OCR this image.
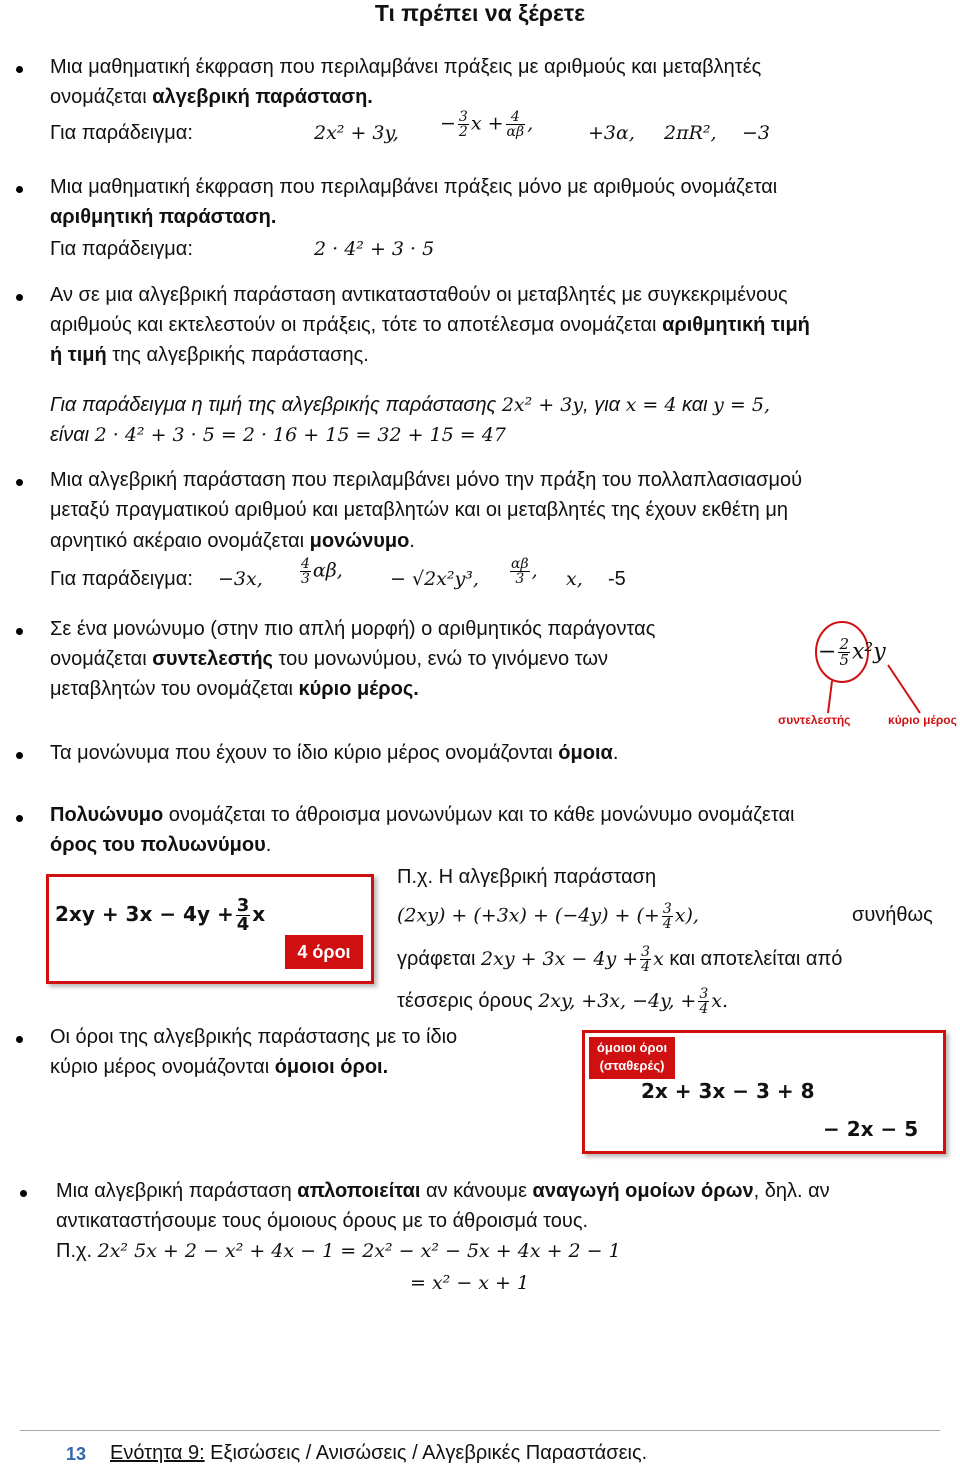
Τι πρέπει να ξέρετε
Μια μαθηματική έκφραση που περιλαμβάνει πράξεις με αριθμούς και μεταβλητές
ονομάζεται αλγεβρική παράσταση.
Για παράδειγμα:	2x² + 3y, − $\frac{3}{2}$ $x + \frac{4}{\alpha\beta}$ ,	+3α, 2πR², −3
Μια μαθηματική έκφραση που περιλαμβάνει πράξεις μόνο με αριθμούς ονομάζεται
αριθμητική παράσταση.
Για παράδειγμα:	2 · 4² + 3 · 5
Αν σε μια αλγεβρική παράσταση αντικατασταθούν οι μεταβλητές με συγκεκριμένους
αριθμούς και εκτελεστούν οι πράξεις, τότε το αποτέλεσμα ονομάζεται αριθμητική τιμή
ή τιμή της αλγεβρικής παράστασης.
Για παράδειγμα η τιμή της αλγεβρικής παράστασης 2x² + 3y, για x = 4 και y = 5,
είναι 2 · 4² + 3 · 5 = 2 · 16 + 15 = 32 + 15 = 47
Μια αλγεβρική παράσταση που περιλαμβάνει μόνο την πράξη του πολλαπλασιασμού
μεταξύ πραγματικού αριθμού και μεταβλητών και οι μεταβλητές της έχουν εκθέτη μη
αρνητικό ακέραιο ονομάζεται μονώνυμο.
Για παράδειγμα: −3x,	$\frac{4}{3} \alpha\beta$, − √2x²y³, $\frac{\alpha\beta}{3}$ , x, -5
Σε ένα μονώνυμο (στην πιο απλή μορφή) ο αριθμητικός παράγοντας
ονομάζεται συντελεστής του μονωνύμου, ενώ το γινόμενο των
μεταβλητών του ονομάζεται κύριο μέρος.
− $\frac{2}{5} x^2y$
συντελεστής	κύριο μέρος
Τα μονώνυμα που έχουν το ίδιο κύριο μέρος ονομάζονται όμοια.
Πολυώνυμο ονομάζεται το άθροισμα μονωνύμων και το κάθε μονώνυμο ονομάζεται
όρος του πολυωνύμου.
$2xy + 3x - 4y + \frac{3}{4}$ x
4 όροι
Π.χ. Η αλγεβρική παράσταση
(2xy) + (+3x) + (−4y) + (+ $\frac{3}{4} x$),	συνήθως
γράφεται $2xy + 3x - 4y + \frac{3}{4}$ x και αποτελείται από
τέσσερις όρους 2xy, +3x, −4y, + $\frac{3}{4} x$.
Οι όροι της αλγεβρικής παράστασης με το ίδιο
κύριο μέρος ονομάζονται όμοιοι όροι.
όμοιοι όροι
(σταθερές)
2x + 3x − 3 + 8
− 2x − 5
Μια αλγεβρική παράσταση απλοποιείται αν κάνουμε αναγωγή ομοίων όρων, δηλ. αν
αντικαταστήσουμε τους όμοιους όρους με το άθροισμά τους.
Π.χ. 2x² 5x + 2 − x² + 4x − 1 = 2x² − x² − 5x + 4x + 2 − 1
= x² − x + 1
13 Ενότητα 9: Εξισώσεις / Ανισώσεις / Αλγεβρικές Παραστάσεις.
